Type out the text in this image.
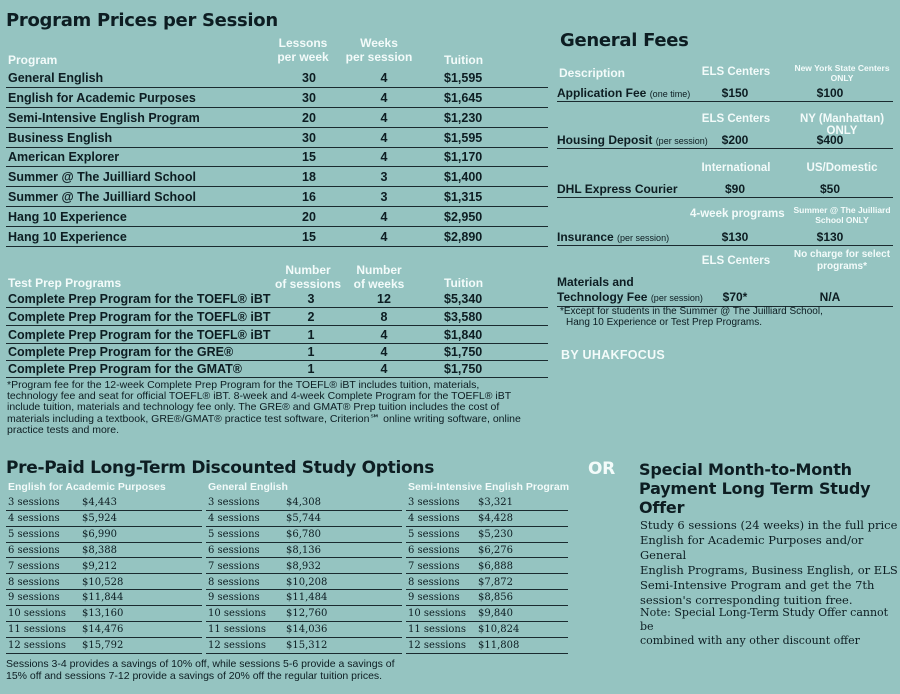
Program Prices per Session
Lessons
per week
Weeks
per session
Program	Tuition
General English	30	4	$1,595
English for Academic Purposes	30	4	$1,645
Semi-Intensive English Program	20	4	$1,230
Business English	30	4	$1,595
American Explorer	15	4	$1,170
Summer @ The Juilliard School	18	3	$1,400
Summer @ The Juilliard School	16	3	$1,315
Hang 10 Experience	20	4	$2,950
Hang 10 Experience	15	4	$2,890
Number
of sessions
Number
of weeks
Test Prep Programs	Tuition
Complete Prep Program for the TOEFL® iBT	3	12	$5,340
Complete Prep Program for the TOEFL® iBT	2	8	$3,580
Complete Prep Program for the TOEFL® iBT	1	4	$1,840
Complete Prep Program for the GRE®	1	4	$1,750
Complete Prep Program for the GMAT®	1	4	$1,750
*Program fee for the 12-week Complete Prep Program for the TOEFL® iBT includes tuition, materials,
technology fee and seat for official TOEFL® iBT. 8-week and 4-week Complete Program for the TOEFL® iBT
include tuition, materials and technology fee only. The GRE® and GMAT® Prep tuition includes the cost of
materials including a textbook, GRE®/GMAT® practice test software, Criterion℠ online writing software, online
practice tests and more.
General Fees
Description	ELS Centers	New York State Centers ONLY
Application Fee (one time)	$150	$100
ELS Centers	NY (Manhattan) ONLY
Housing Deposit (per session)	$200	$400
International	US/Domestic
DHL Express Courier	$90	$50
4-week programs	Summer @ The Juilliard School ONLY
Insurance (per session)	$130	$130
ELS Centers
No charge for select programs*
Materials and
Technology Fee (per session)	$70*	N/A
*Except for students in the Summer @ The Juilliard School,
Hang 10 Experience or Test Prep Programs.
BY UHAKFOCUS
Pre-Paid Long-Term Discounted Study Options
English for Academic Purposes
3 sessions $4,443
4 sessions $5,924
5 sessions $6,990
6 sessions $8,388
7 sessions $9,212
8 sessions $10,528
9 sessions $11,844
10 sessions $13,160
11 sessions $14,476
12 sessions $15,792
General English
3 sessions	$4,308
4 sessions	$5,744
5 sessions	$6,780
6 sessions	$8,136
7 sessions	$8,932
8 sessions	$10,208
9 sessions	$11,484
10 sessions $12,760
11 sessions $14,036
12 sessions $15,312
Semi-Intensive English Program
3 sessions $3,321
4 sessions $4,428
5 sessions $5,230
6 sessions $6,276
7 sessions $6,888
8 sessions $7,872
9 sessions $8,856
10 sessions $9,840
11 sessions $10,824
12 sessions $11,808
Sessions 3-4 provides a savings of 10% off, while sessions 5-6 provide a savings of
15% off and sessions 7-12 provide a savings of 20% off the regular tuition prices.
OR Special Month-to-Month
Payment Long Term Study
Offer
Study 6 sessions (24 weeks) in the full price
English for Academic Purposes and/or General
English Programs, Business English, or ELS
Semi-Intensive Program and get the 7th
session's corresponding tuition free.
Note: Special Long-Term Study Offer cannot be
combined with any other discount offer
